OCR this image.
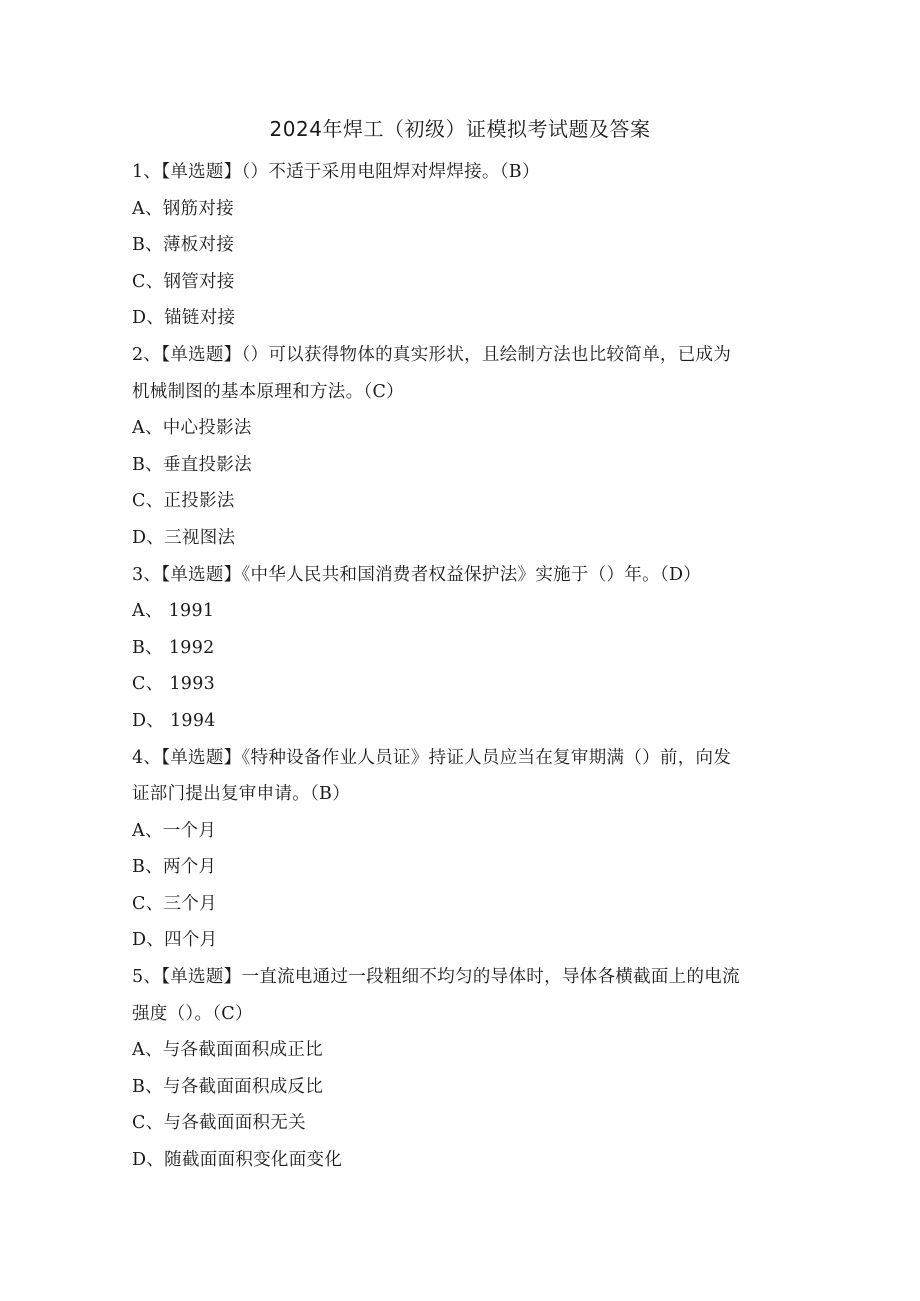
2024年焊工（初级）证模拟考试题及答案
1、【单选题】（）不适于采用电阻焊对焊焊接。（B）
A、钢筋对接
B、薄板对接
C、钢管对接
D、锚链对接
2、【单选题】（）可以获得物体的真实形状，且绘制方法也比较简单，已成为
机械制图的基本原理和方法。（C）
A、中心投影法
B、垂直投影法
C、正投影法
D、三视图法
3、【单选题】《中华人民共和国消费者权益保护法》实施于（）年。（D）
A、 1991
B、 1992
C、 1993
D、 1994
4、【单选题】《特种设备作业人员证》持证人员应当在复审期满（）前，向发
证部门提出复审申请。（B）
A、一个月
B、两个月
C、三个月
D、四个月
5、【单选题】一直流电通过一段粗细不均匀的导体时，导体各横截面上的电流
强度（）。（C）
A、与各截面面积成正比
B、与各截面面积成反比
C、与各截面面积无关
D、随截面面积变化面变化
